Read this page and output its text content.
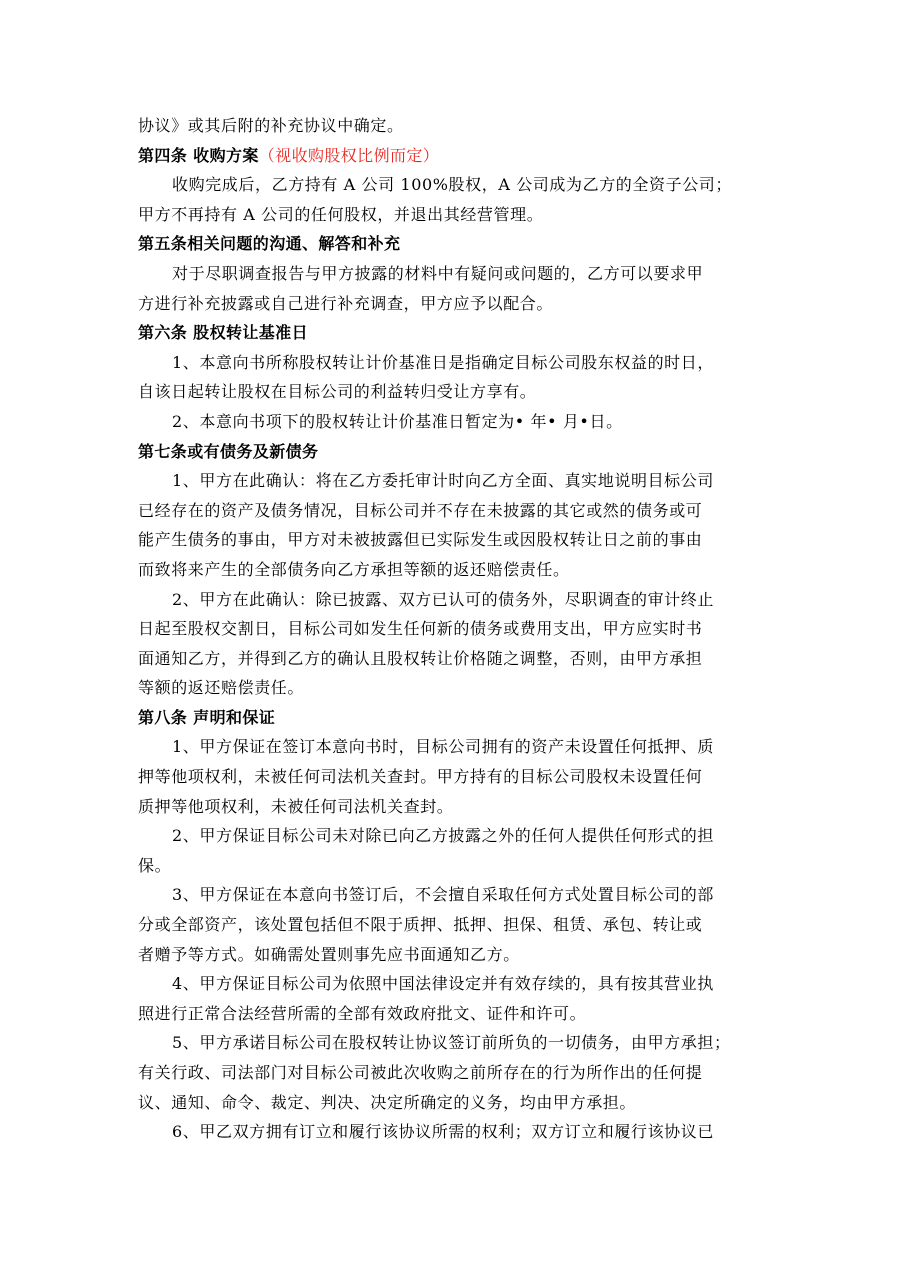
协议》或其后附的补充协议中确定。
第四条 收购方案（视收购股权比例而定）
收购完成后，乙方持有 A 公司 100%股权，A 公司成为乙方的全资子公司；
甲方不再持有 A 公司的任何股权，并退出其经营管理。
第五条相关问题的沟通、解答和补充
对于尽职调查报告与甲方披露的材料中有疑问或问题的，乙方可以要求甲
方进行补充披露或自己进行补充调查，甲方应予以配合。
第六条 股权转让基准日
1、本意向书所称股权转让计价基准日是指确定目标公司股东权益的时日，
自该日起转让股权在目标公司的利益转归受让方享有。
2、本意向书项下的股权转让计价基准日暂定为• 年• 月•日。
第七条或有债务及新债务
1、甲方在此确认：将在乙方委托审计时向乙方全面、真实地说明目标公司
已经存在的资产及债务情况，目标公司并不存在未披露的其它或然的债务或可
能产生债务的事由，甲方对未被披露但已实际发生或因股权转让日之前的事由
而致将来产生的全部债务向乙方承担等额的返还赔偿责任。
2、甲方在此确认：除已披露、双方已认可的债务外，尽职调查的审计终止
日起至股权交割日，目标公司如发生任何新的债务或费用支出，甲方应实时书
面通知乙方，并得到乙方的确认且股权转让价格随之调整，否则，由甲方承担
等额的返还赔偿责任。
第八条 声明和保证
1、甲方保证在签订本意向书时，目标公司拥有的资产未设置任何抵押、质
押等他项权利，未被任何司法机关查封。甲方持有的目标公司股权未设置任何
质押等他项权利，未被任何司法机关查封。
2、甲方保证目标公司未对除已向乙方披露之外的任何人提供任何形式的担
保。
3、甲方保证在本意向书签订后，不会擅自采取任何方式处置目标公司的部
分或全部资产，该处置包括但不限于质押、抵押、担保、租赁、承包、转让或
者赠予等方式。如确需处置则事先应书面通知乙方。
4、甲方保证目标公司为依照中国法律设定并有效存续的，具有按其营业执
照进行正常合法经营所需的全部有效政府批文、证件和许可。
5、甲方承诺目标公司在股权转让协议签订前所负的一切债务，由甲方承担；
有关行政、司法部门对目标公司被此次收购之前所存在的行为所作出的任何提
议、通知、命令、裁定、判决、决定所确定的义务，均由甲方承担。
6、甲乙双方拥有订立和履行该协议所需的权利；双方订立和履行该协议已
